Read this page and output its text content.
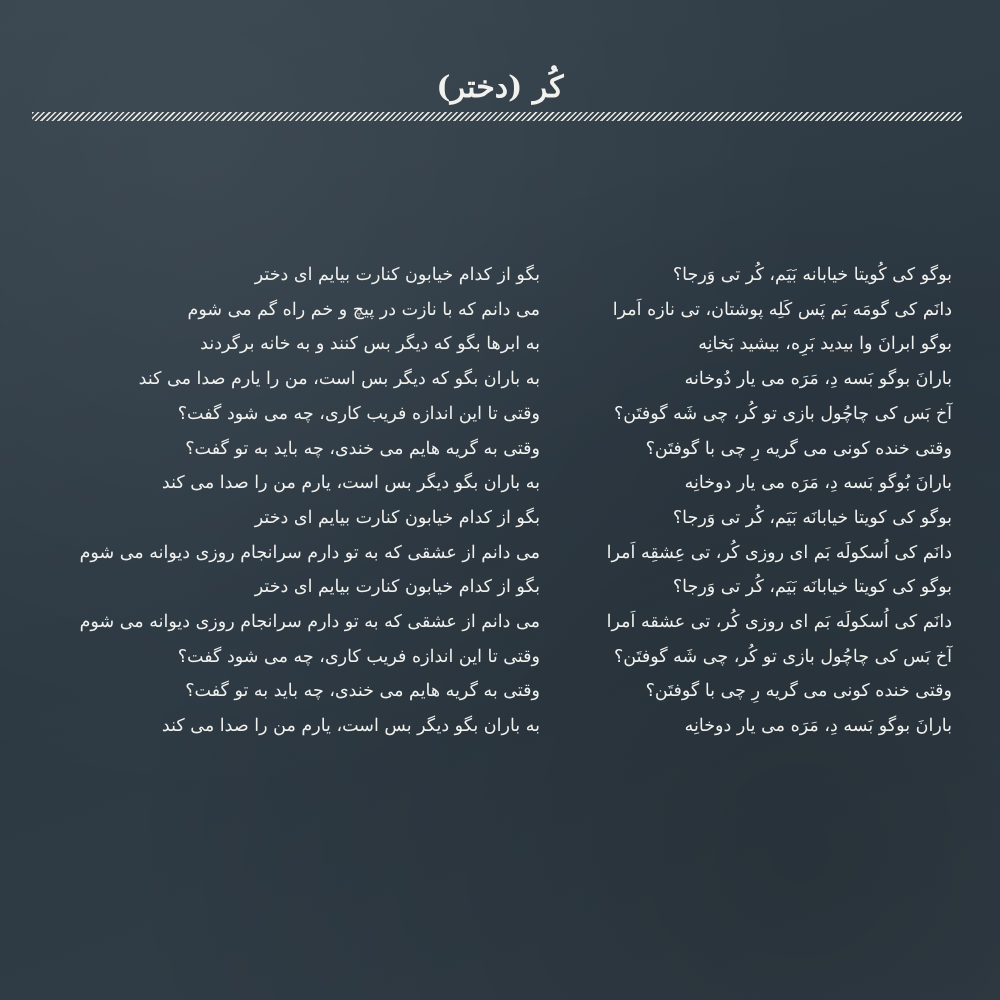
کُر (دختر)
بوگو کی کُویتا خیابانه بَیَم، کُر تی وَرجا؟
دانَم کی گومَه بَم پَس کَلِه پوشتان، تی نازه اَمرا
بوگو ابرانَ وا بیدید بَرِه، بیشید بَخانِه
بارانَ بوگو بَسه دِ، مَرَه می یار دُوخانه
آخ بَس کی چاچُول بازی تو کُر، چی شَه گوفتَن؟
وقتی خنده کونی می گریه رِ چی با گوفتَن؟
بارانَ بُوگو بَسه دِ، مَرَه می یار دوخانِه
بوگو کی کویتا خیابانَه بَیَم، کُر تی وَرجا؟
دانَم کی اُسکولَه بَم ای روزی کُر، تی عِشقِه اَمرا
بوگو کی کویتا خیابانَه بَیَم، کُر تی وَرجا؟
دانَم کی اُسکولَه بَم ای روزی کُر، تی عشقه اَمرا
آخ بَس کی چاچُول بازی تو کُر، چی شَه گوفتَن؟
وقتی خنده کونی می گریه رِ چی با گوفتَن؟
بارانَ بوگو بَسه دِ، مَرَه می یار دوخانِه
بگو از کدام خیابون کنارت بیایم ای دختر
می دانم که با نازت در پیچ و خم راه گم می شوم
به ابرها بگو که دیگر بس کنند و به خانه برگردند
به باران بگو که دیگر بس است، من را یارم صدا می کند
وقتی تا این اندازه فریب کاری، چه می شود گفت؟
وقتی به گریه هایم می خندی، چه باید به تو گفت؟
به باران بگو دیگر بس است، یارم من را صدا می کند
بگو از کدام خیابون کنارت بیایم ای دختر
می دانم از عشقی که به تو دارم سرانجام روزی دیوانه می شوم
بگو از کدام خیابون کنارت بیایم ای دختر
می دانم از عشقی که به تو دارم سرانجام روزی دیوانه می شوم
وقتی تا این اندازه فریب کاری، چه می شود گفت؟
وقتی به گریه هایم می خندی، چه باید به تو گفت؟
به باران بگو دیگر بس است، یارم من را صدا می کند
